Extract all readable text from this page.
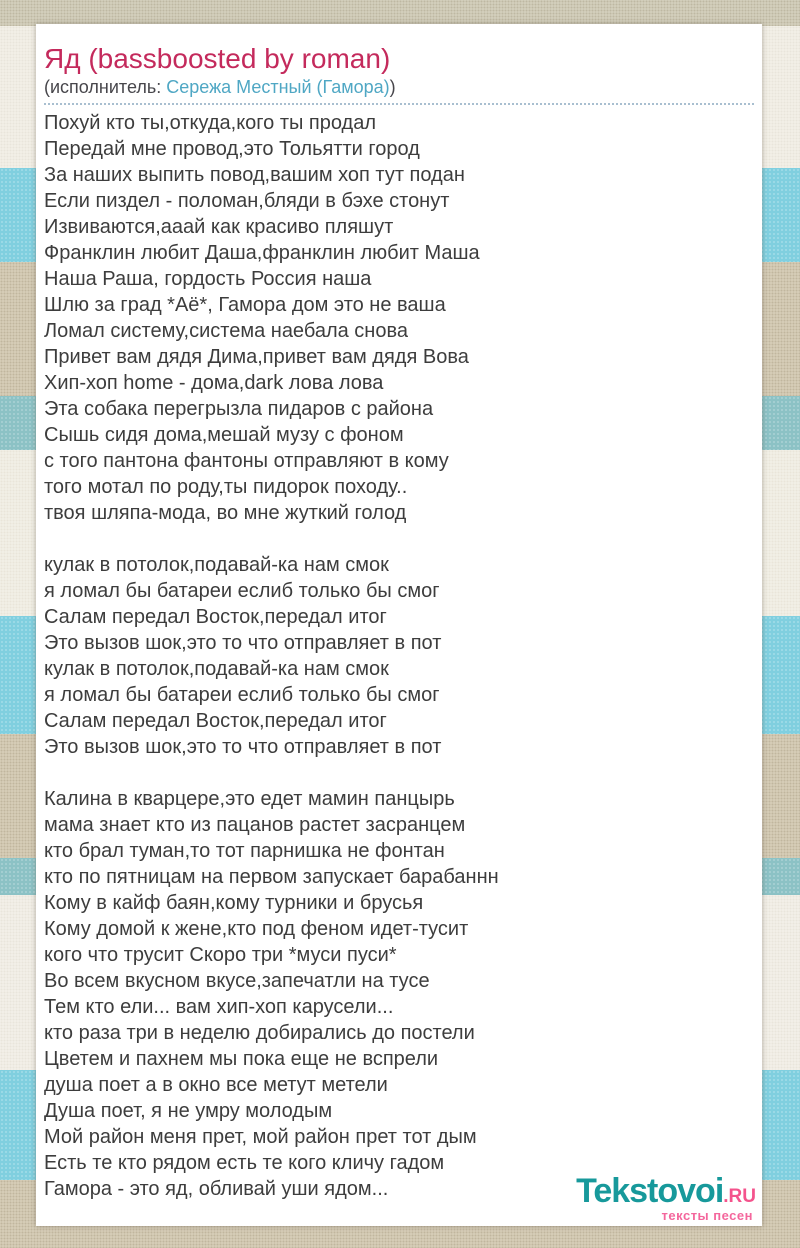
Яд (bassboosted by roman)
(исполнитель: Сережа Местный (Гамора))
Похуй кто ты,откуда,кого ты продал
Передай мне провод,это Тольятти город
За наших выпить повод,вашим хоп тут подан
Если пиздел - поломан,бляди в бэхе стонут
Извиваются,ааай как красиво пляшут
Франклин любит Даша,франклин любит Маша
Наша Раша, гордость Россия наша
Шлю за град *Аё*, Гамора дом это не ваша
Ломал систему,система наебала снова
Привет вам дядя Дима,привет вам дядя Вова
Хип-хоп home - дома,dark лова лова
Эта собака перегрызла пидаров с района
Сышь сидя дома,мешай музу с фоном
с того пантона фантоны отправляют в кому
того мотал по роду,ты пидорок походу..
твоя шляпа-мода, во мне жуткий голод
кулак в потолок,подавай-ка нам смок
я ломал бы батареи еслиб только бы смог
Салам передал Восток,передал итог
Это вызов шок,это то что отправляет в пот
кулак в потолок,подавай-ка нам смок
я ломал бы батареи еслиб только бы смог
Салам передал Восток,передал итог
Это вызов шок,это то что отправляет в пот
Калина в кварцере,это едет мамин панцырь
мама знает кто из пацанов растет засранцем
кто брал туман,то тот парнишка не фонтан
кто по пятницам на первом запускает барабаннн
Кому в кайф баян,кому турники и брусья
Кому домой к жене,кто под феном идет-тусит
кого что трусит Скоро три *муси пуси*
Во всем вкусном вкусе,запечатли на тусе
Тем кто ели... вам хип-хоп карусели...
кто раза три в неделю добирались до постели
Цветем и пахнем мы пока еще не вспрели
душа поет а в окно все метут метели
Душа поет, я не умру молодым
Мой район меня прет, мой район прет тот дым
Есть те кто рядом есть те кого кличу гадом
Гамора - это яд, обливай уши ядом...	Tekstovoi.RU
тексты песен
